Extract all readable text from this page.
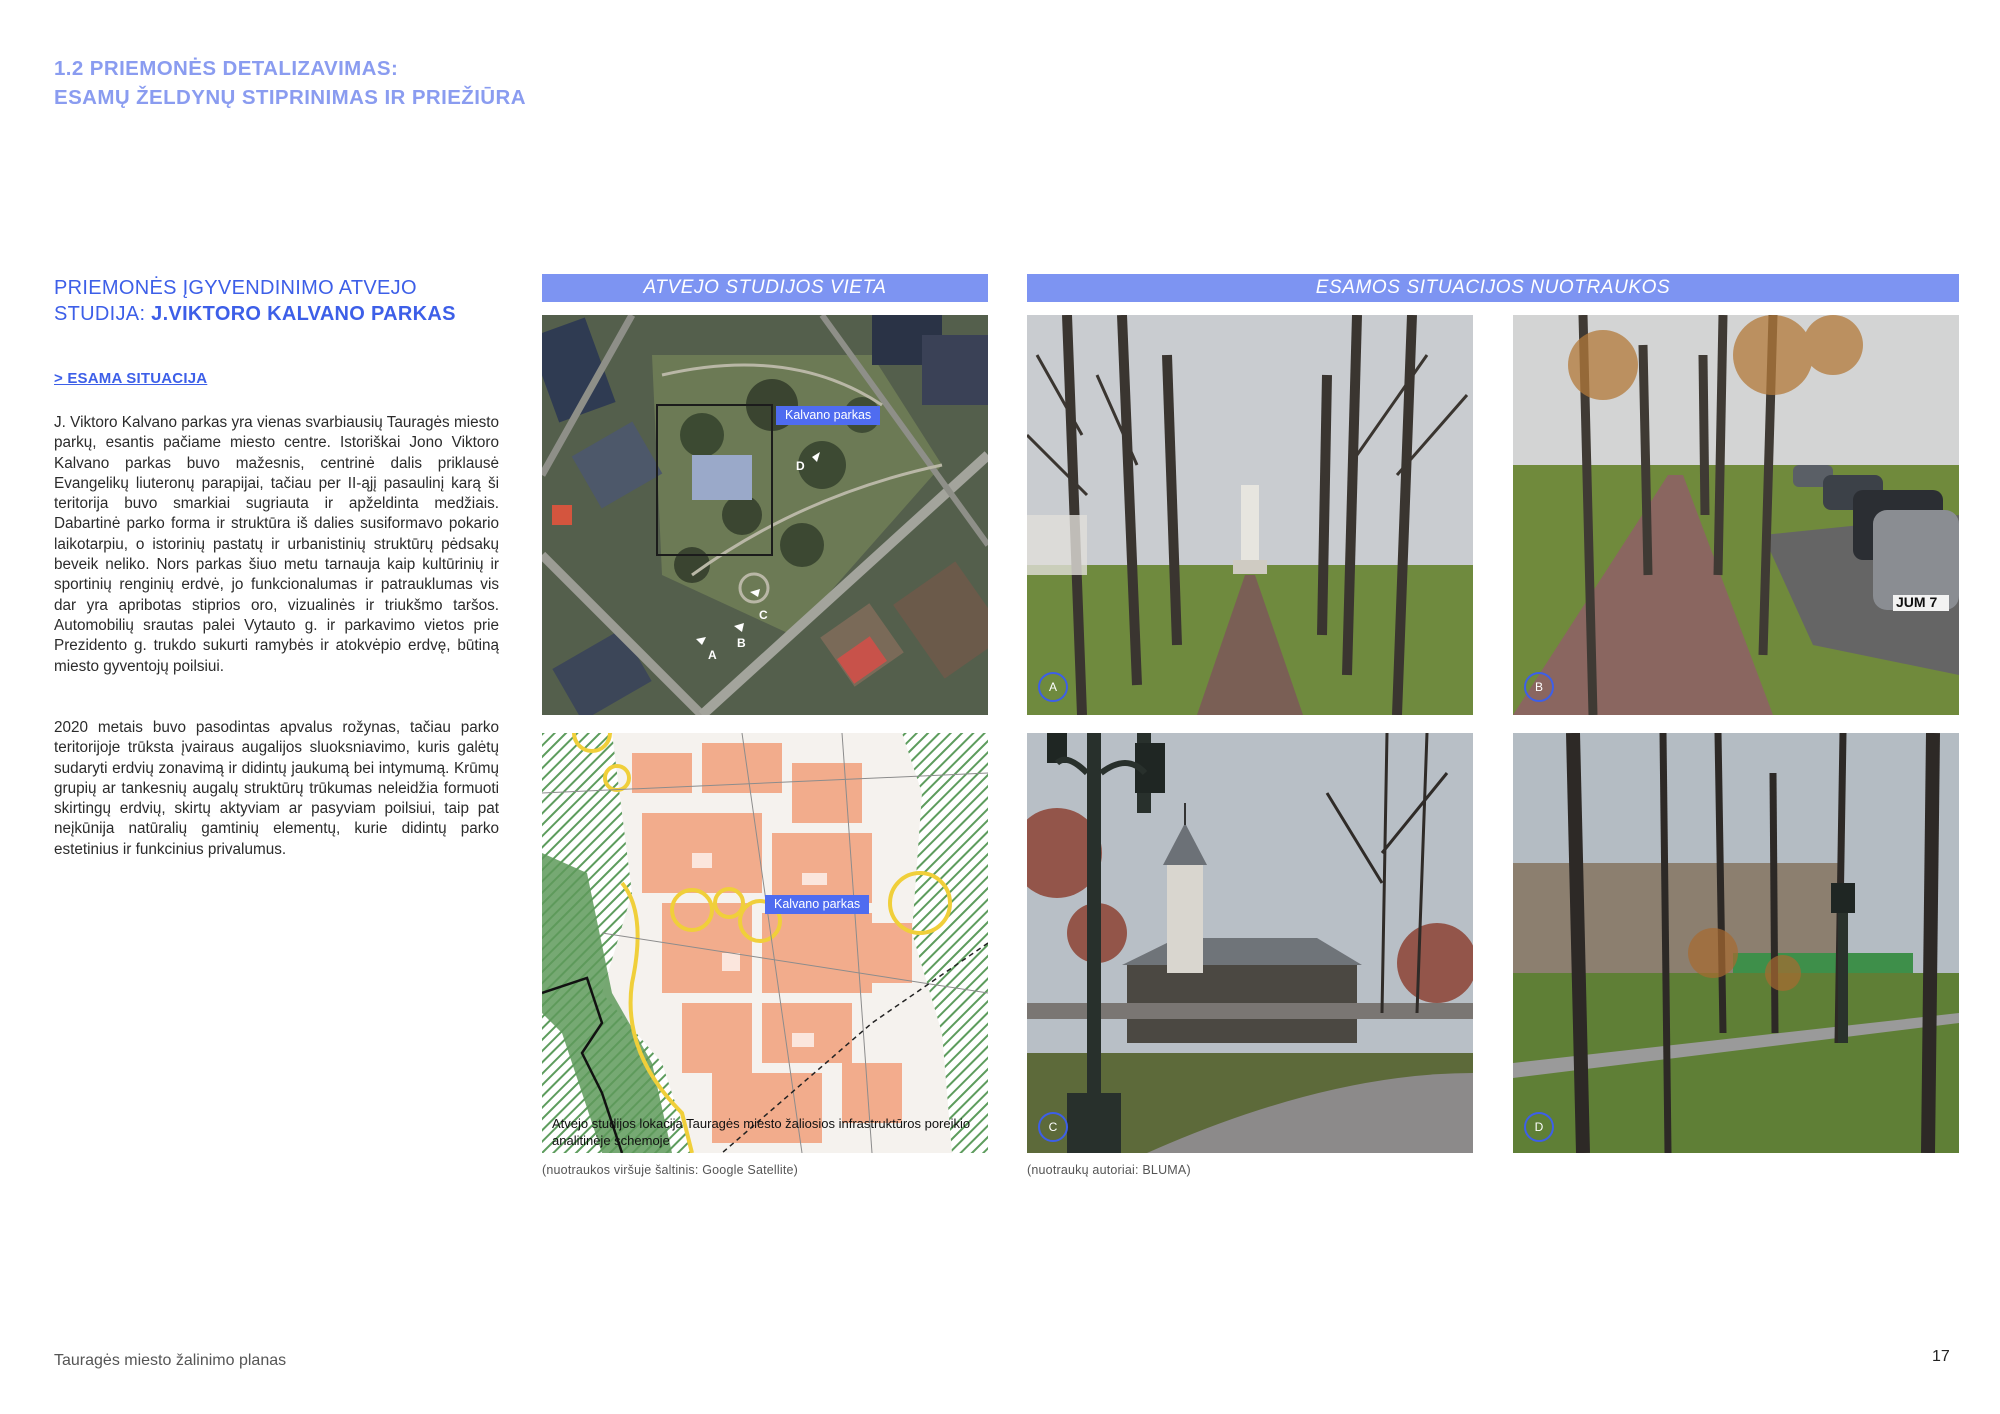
1.2 PRIEMONĖS DETALIZAVIMAS:
ESAMŲ ŽELDYNŲ STIPRINIMAS IR PRIEŽIŪRA
PRIEMONĖS ĮGYVENDINIMO ATVEJO
STUDIJA: J.VIKTORO KALVANO PARKAS
> ESAMA SITUACIJA
J. Viktoro Kalvano parkas yra vienas svarbiausių Tauragės miesto parkų, esantis pačiame miesto centre. Istoriškai Jono Viktoro Kalvano parkas buvo mažesnis, centrinė dalis priklausė Evangelikų liuteronų parapijai, tačiau per II-ąjį pasaulinį karą ši teritorija buvo smarkiai sugriauta ir apželdinta medžiais. Dabartinė parko forma ir struktūra iš dalies susiformavo pokario laikotarpiu, o istorinių pastatų ir urbanistinių struktūrų pėdsakų beveik neliko. Nors parkas šiuo metu tarnauja kaip kultūrinių ir sportinių renginių erdvė, jo funkcionalumas ir patrauklumas vis dar yra apribotas stiprios oro, vizualinės ir triukšmo taršos. Automobilių srautas palei Vytauto g. ir parkavimo vietos prie Prezidento g. trukdo sukurti ramybės ir atokvėpio erdvę, būtiną miesto gyventojų poilsiui.
2020 metais buvo pasodintas apvalus rožynas, tačiau parko teritorijoje trūksta įvairaus augalijos sluoksniavimo, kuris galėtų sudaryti erdvių zonavimą ir didintų jaukumą bei intymumą. Krūmų grupių ar tankesnių augalų struktūrų trūkumas neleidžia formuoti skirtingų erdvių, skirtų aktyviam ar pasyviam poilsiui, taip pat neįkūnija natūralių gamtinių elementų, kurie didintų parko estetinius ir funkcinius privalumus.
ATVEJO STUDIJOS VIETA
Kalvano parkas
D
C
B
A
Kalvano parkas
Atvejo studijos lokacija Tauragės miesto žaliosios infrastruktūros poreikio analitinėje schemoje
(nuotraukos viršuje šaltinis: Google Satellite)
ESAMOS SITUACIJOS NUOTRAUKOS
A	B
JUM 7
C	D
(nuotraukų autoriai: BLUMA)
Tauragės miesto žalinimo planas	17
